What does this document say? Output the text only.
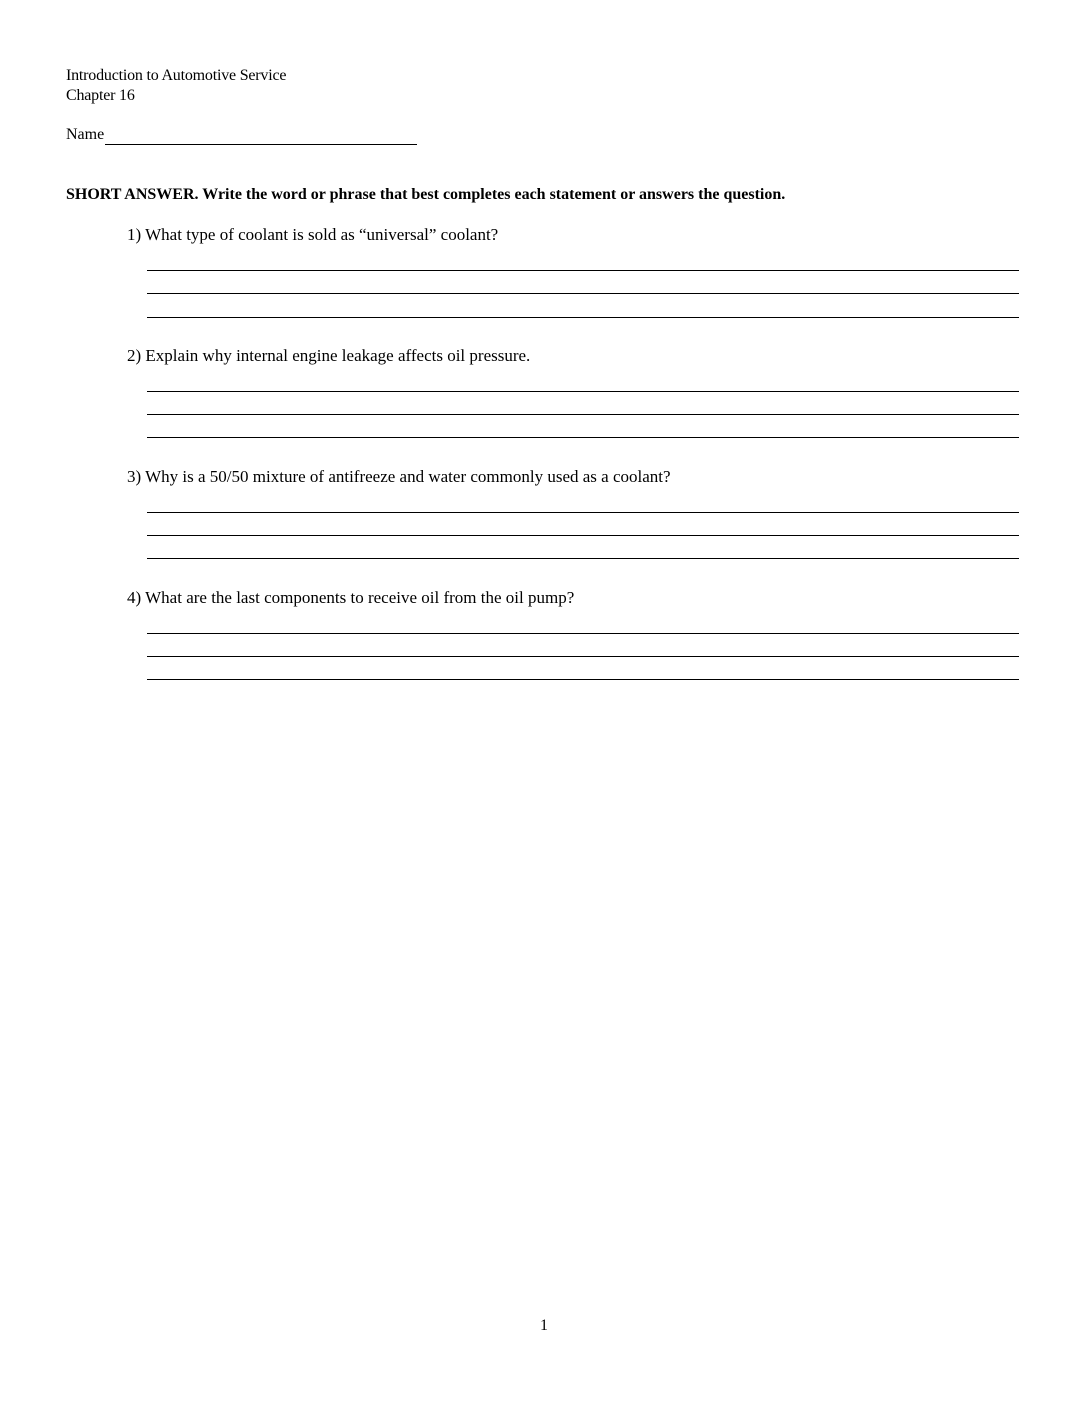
Introduction to Automotive Service
Chapter 16
Name
SHORT ANSWER. Write the word or phrase that best completes each statement or answers the question.
1) What type of coolant is sold as “universal” coolant?
2) Explain why internal engine leakage affects oil pressure.
3) Why is a 50/50 mixture of antifreeze and water commonly used as a coolant?
4) What are the last components to receive oil from the oil pump?
1
